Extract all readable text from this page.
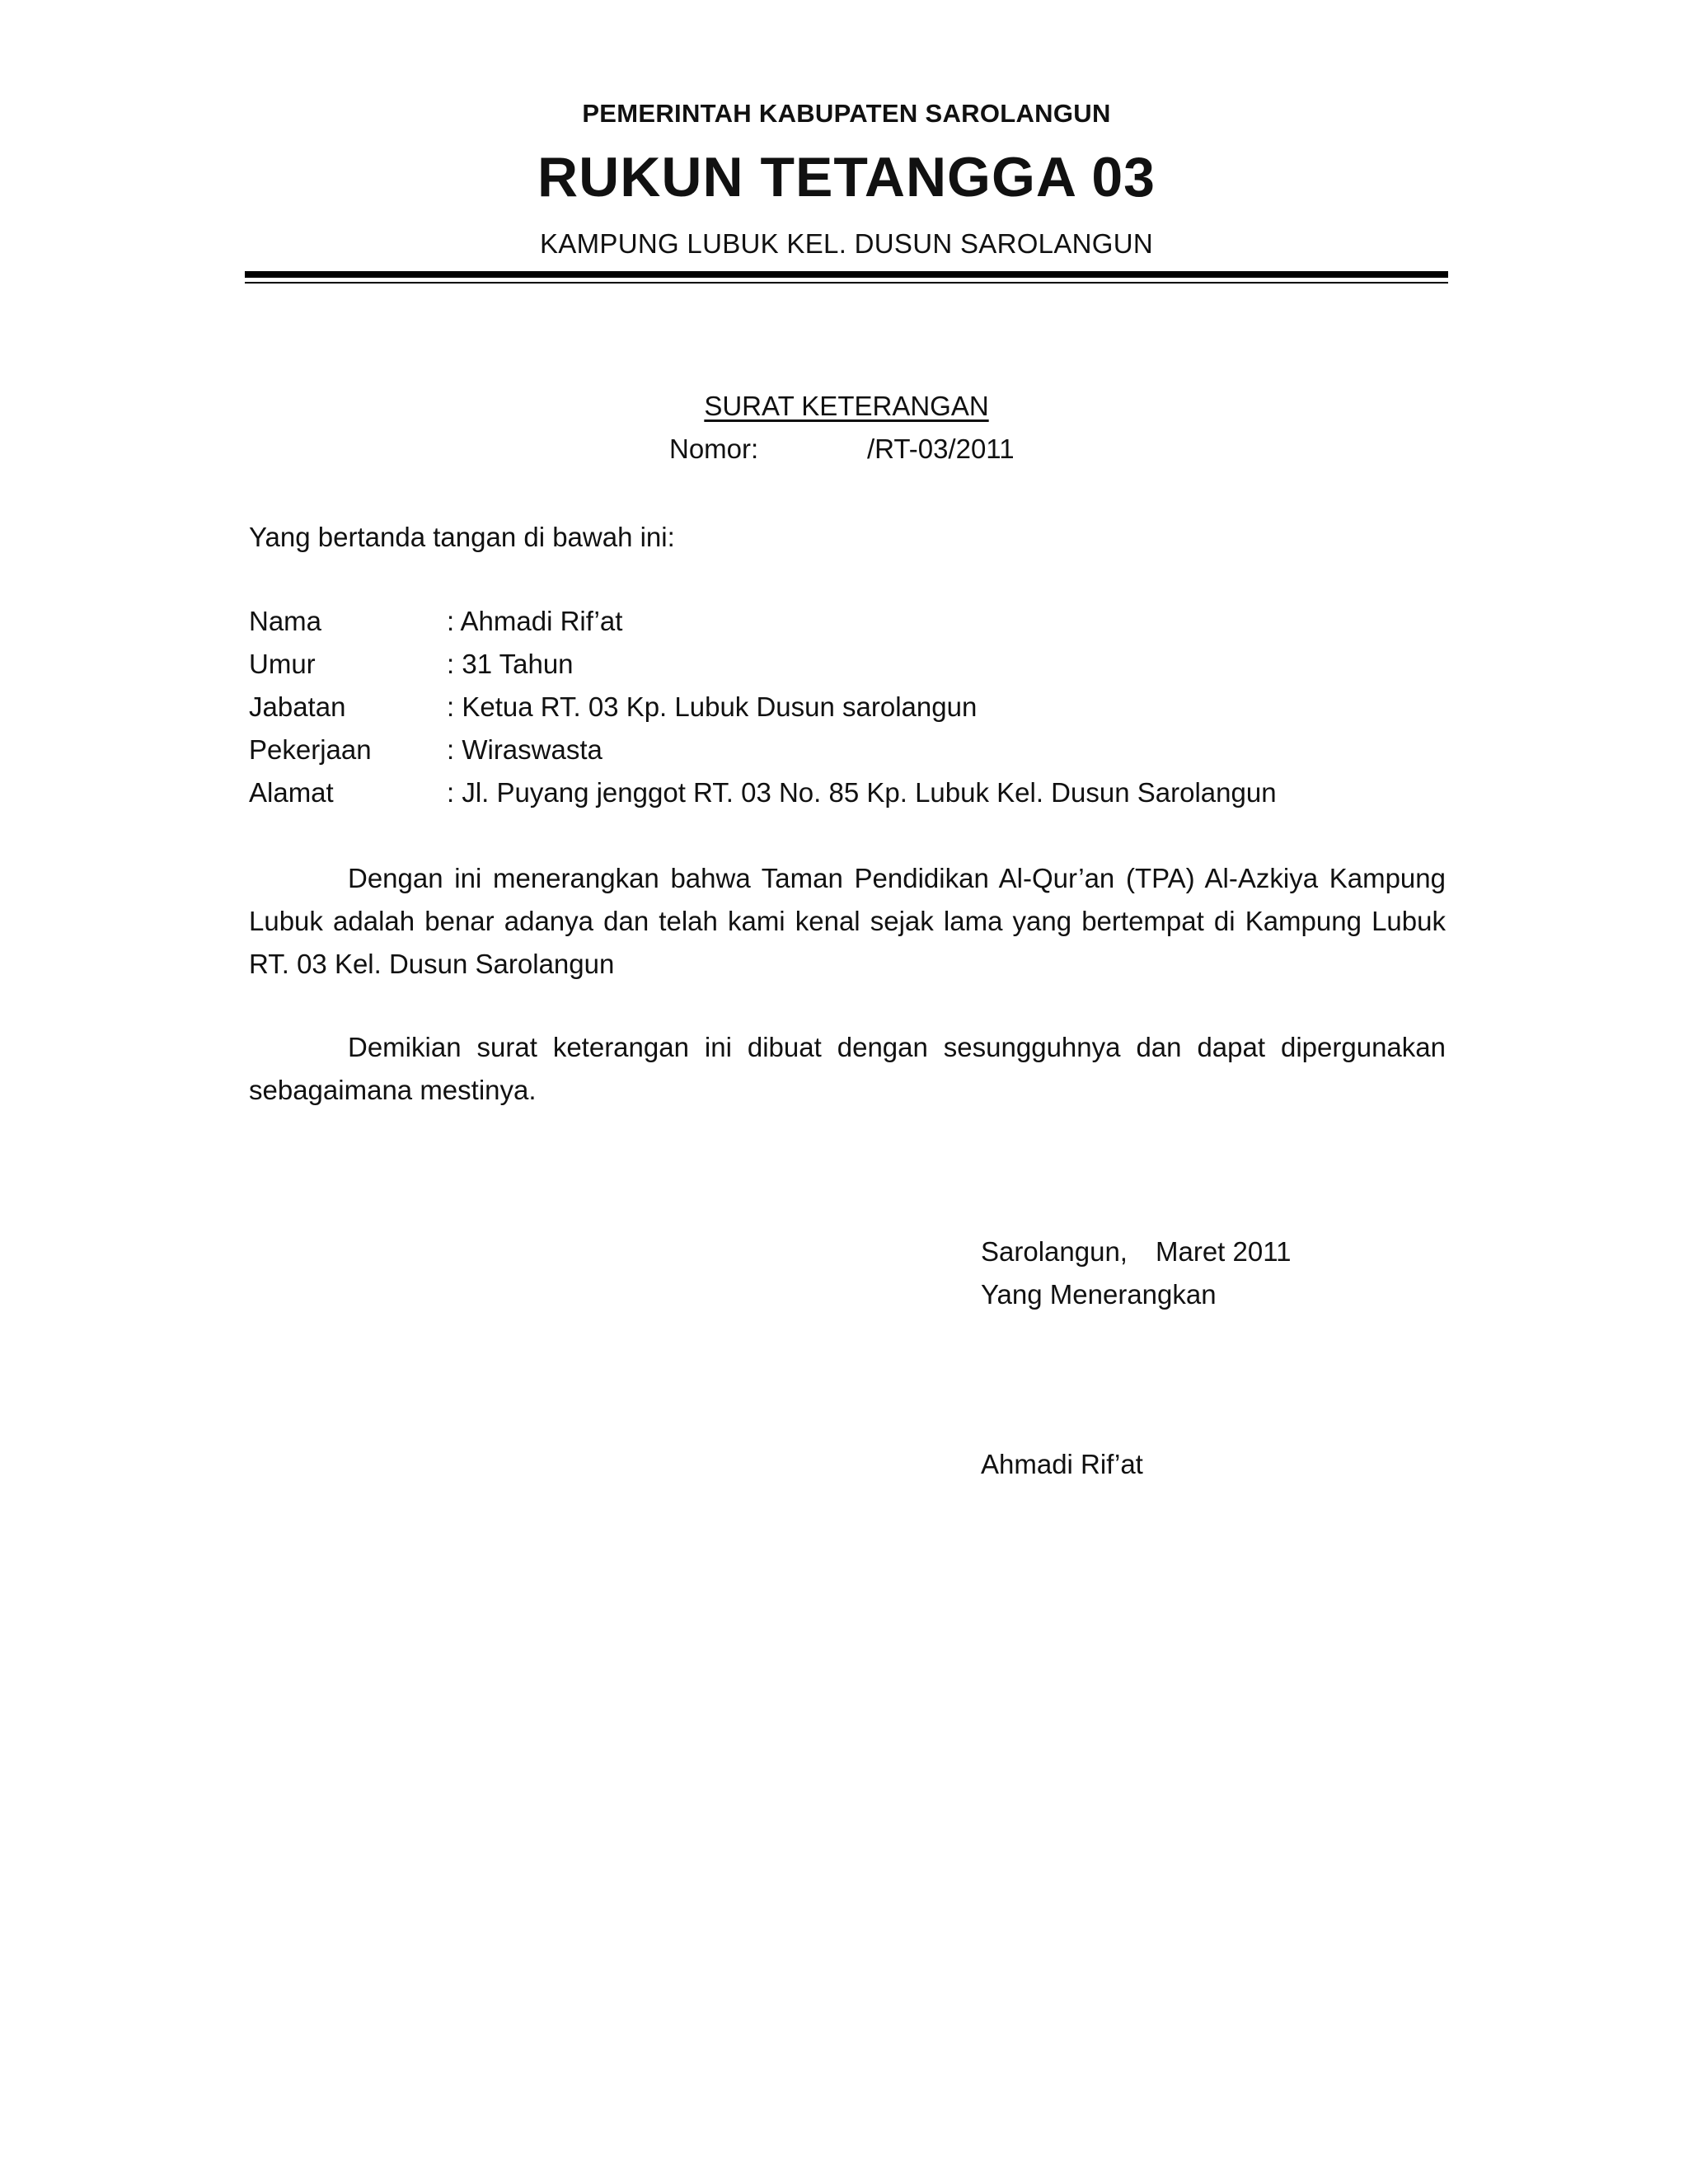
PEMERINTAH KABUPATEN SAROLANGUN
RUKUN TETANGGA 03
KAMPUNG LUBUK KEL. DUSUN SAROLANGUN
SURAT KETERANGAN
Nomor:	/RT-03/2011
Yang bertanda tangan di bawah ini:
Nama	: Ahmadi Rif’at
Umur	: 31 Tahun
Jabatan	: Ketua RT. 03 Kp. Lubuk Dusun sarolangun
Pekerjaan	: Wiraswasta
Alamat	: Jl. Puyang jenggot RT. 03 No. 85 Kp. Lubuk Kel. Dusun Sarolangun
Dengan ini menerangkan bahwa Taman Pendidikan Al-Qur’an (TPA) Al-Azkiya Kampung Lubuk adalah benar adanya dan telah kami kenal sejak lama yang bertempat di Kampung Lubuk RT. 03 Kel. Dusun Sarolangun
Demikian surat keterangan ini dibuat dengan sesungguhnya dan dapat dipergunakan sebagaimana mestinya.
Sarolangun, Maret 2011
Yang Menerangkan
Ahmadi Rif’at
